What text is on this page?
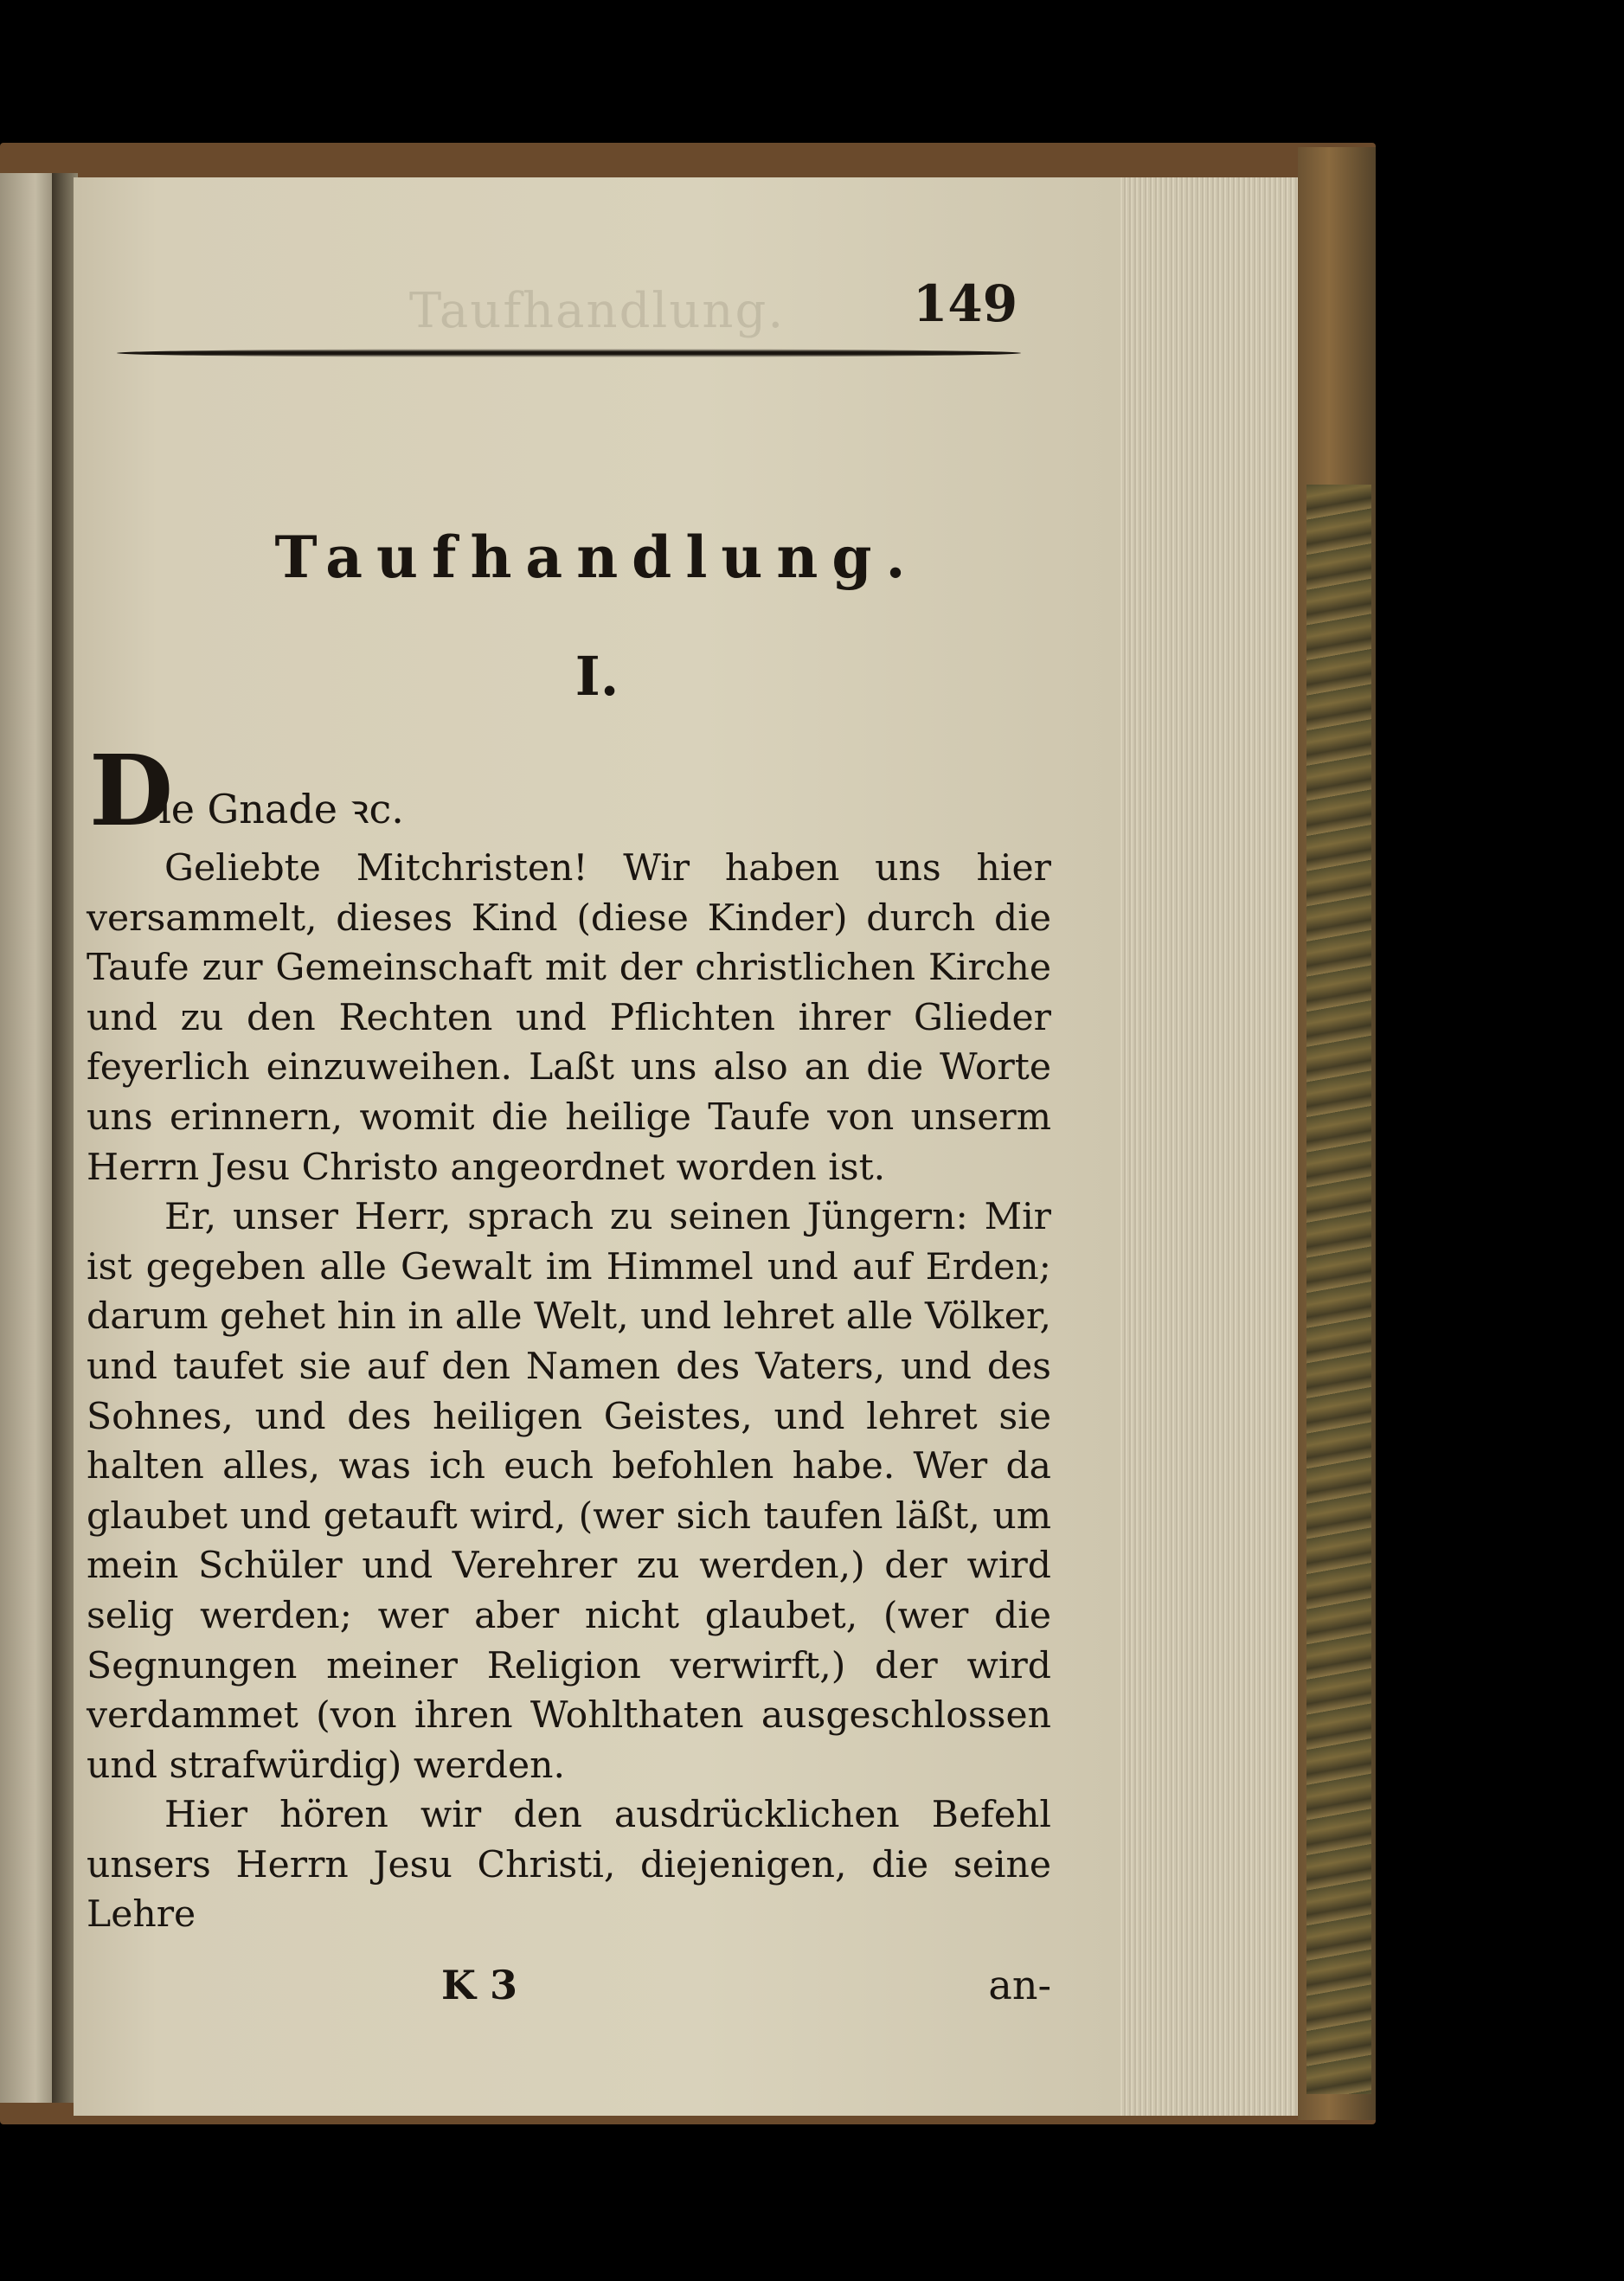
Taufhandlung.	149
Taufhandlung.
I.
D
ie Gnade ꝛc.

Geliebte Mitchristen! Wir haben uns hier versammelt, dieses Kind (diese Kinder) durch die Taufe zur Gemeinschaft mit der christlichen Kirche und zu den Rechten und Pflichten ihrer Glieder feyerlich einzuweihen. Laßt uns also an die Worte uns erinnern, womit die heilige Taufe von unserm Herrn Jesu Christo angeordnet worden ist.

Er, unser Herr, sprach zu seinen Jüngern: Mir ist gegeben alle Gewalt im Himmel und auf Erden; darum gehet hin in alle Welt, und lehret alle Völker, und taufet sie auf den Namen des Vaters, und des Sohnes, und des heiligen Geistes, und lehret sie halten alles, was ich euch befohlen habe. Wer da glaubet und getauft wird, (wer sich taufen läßt, um mein Schüler und Verehrer zu werden,) der wird selig werden; wer aber nicht glaubet, (wer die Segnungen meiner Religion verwirft,) der wird verdammet (von ihren Wohlthaten ausgeschlossen und strafwürdig) werden.

Hier hören wir den ausdrücklichen Befehl unsers Herrn Jesu Christi, diejenigen, die seine Lehre

K 3	an-
